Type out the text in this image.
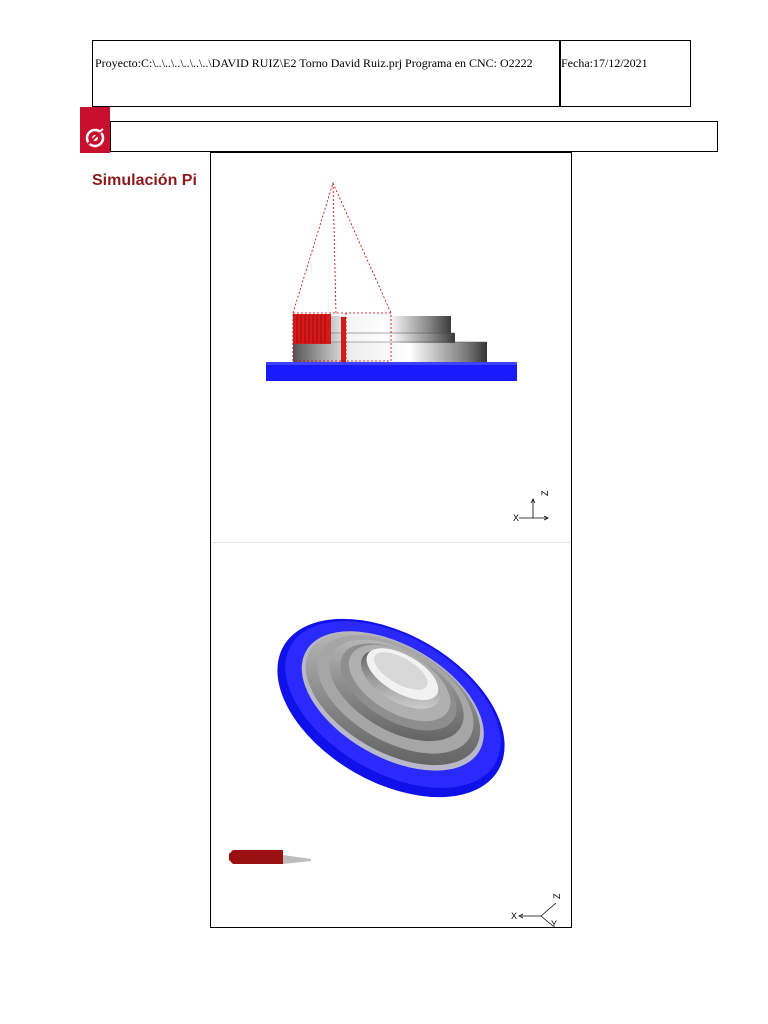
Proyecto:C:\..\..\..\..\..\..\DAVID RUIZ\E2 Torno David Ruiz.prj Programa en CNC: O2222	Fecha:17/12/2021
Simulación Pi
X
Z
X
Z
Y
